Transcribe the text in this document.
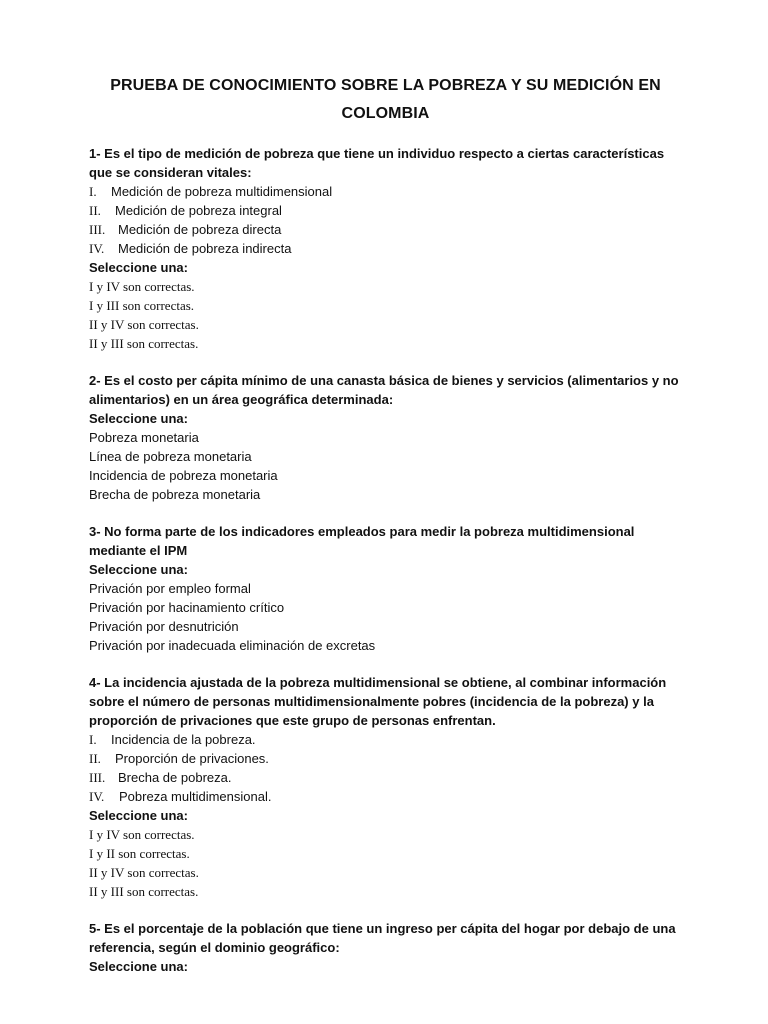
PRUEBA DE CONOCIMIENTO SOBRE LA POBREZA Y SU MEDICIÓN EN
COLOMBIA

1- Es el tipo de medición de pobreza que tiene un individuo respecto a ciertas características que se consideran vitales:

I.	Medición de pobreza multidimensional
II.	Medición de pobreza integral
III. Medición de pobreza directa
IV.	Medición de pobreza indirecta

Seleccione una:

I y IV son correctas.
I y III son correctas.
II y IV son correctas.
II y III son correctas.

2- Es el costo per cápita mínimo de una canasta básica de bienes y servicios (alimentarios y no alimentarios) en un área geográfica determinada:

Seleccione una:

Pobreza monetaria
Línea de pobreza monetaria
Incidencia de pobreza monetaria
Brecha de pobreza monetaria

3- No forma parte de los indicadores empleados para medir la pobreza multidimensional mediante el IPM

Seleccione una:

Privación por empleo formal
Privación por hacinamiento crítico
Privación por desnutrición
Privación por inadecuada eliminación de excretas

4- La incidencia ajustada de la pobreza multidimensional se obtiene, al combinar información sobre el número de personas multidimensionalmente pobres (incidencia de la pobreza) y la proporción de privaciones que este grupo de personas enfrentan.

I.	Incidencia de la pobreza.
II.	Proporción de privaciones.
III. Brecha de pobreza.
IV.	Pobreza multidimensional.

Seleccione una:

I y IV son correctas.
I y II son correctas.
II y IV son correctas.
II y III son correctas.

5- Es el porcentaje de la población que tiene un ingreso per cápita del hogar por debajo de una referencia, según el dominio geográfico:

Seleccione una:
